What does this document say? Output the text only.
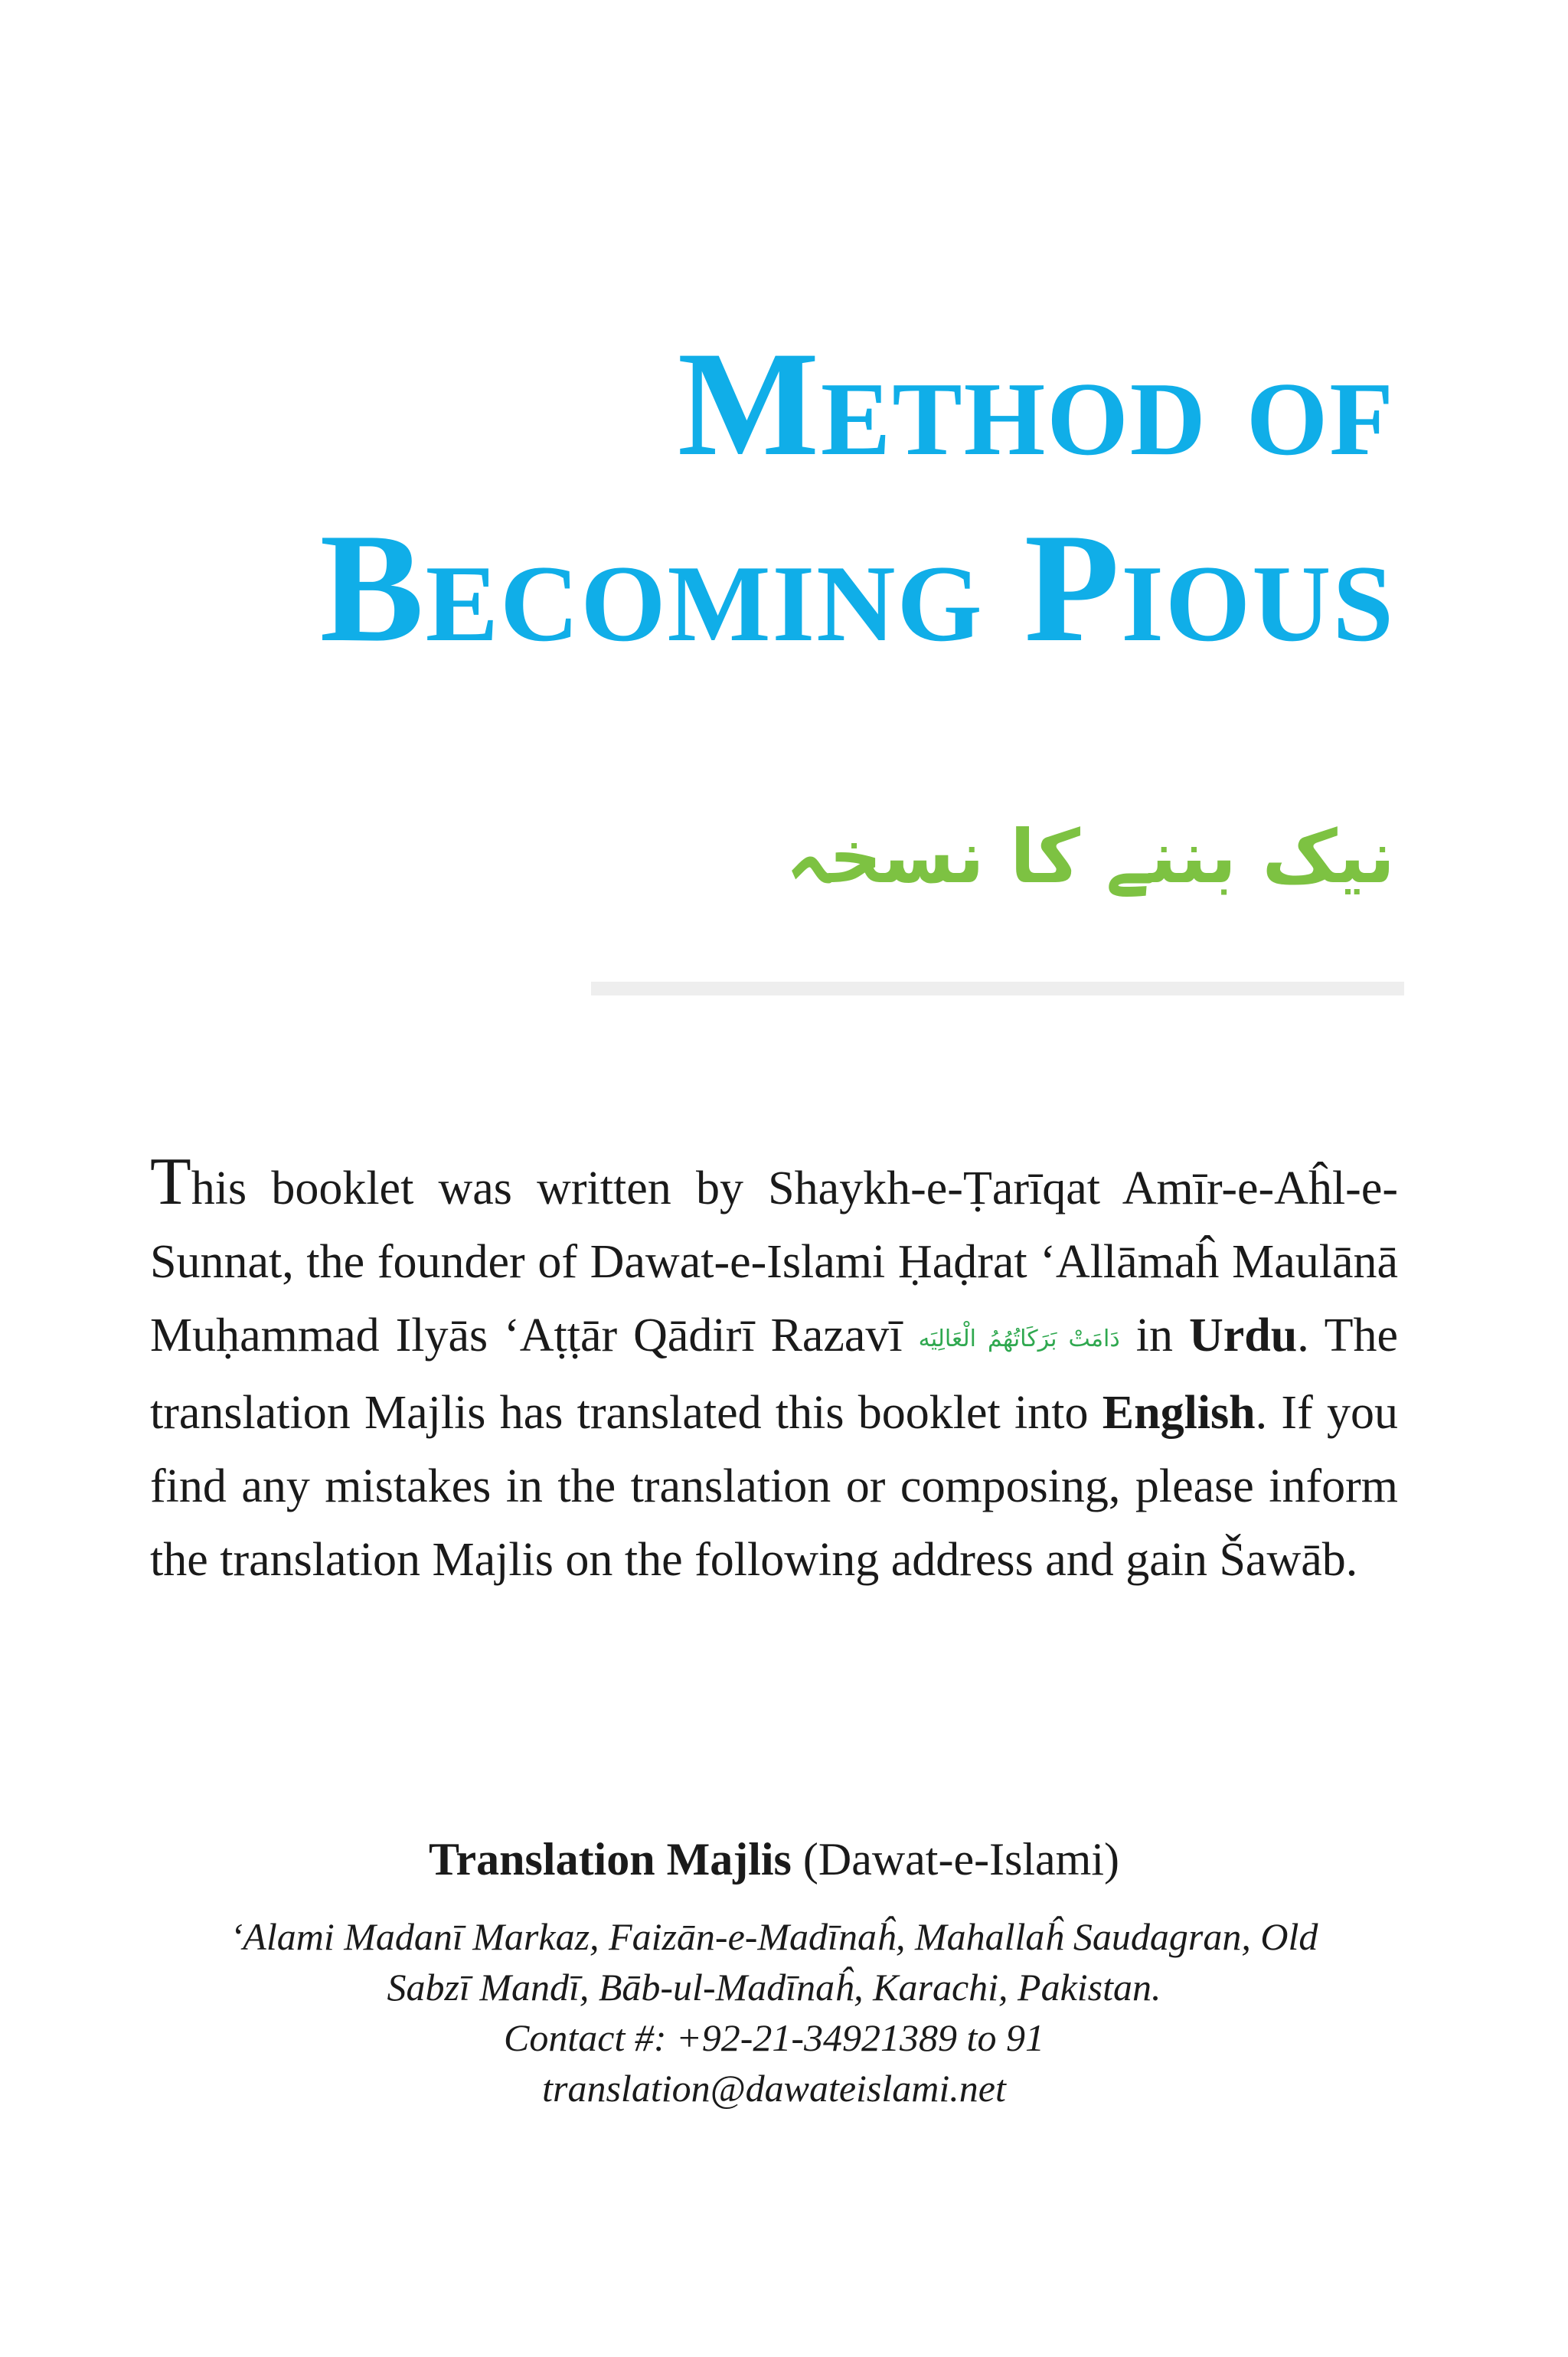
Method of
Becoming Pious
نیک بننے کا نسخہ

This booklet was written by Shaykh-e-Ṭarīqat Amīr-e-Aĥl-e-Sunnat, the founder of Dawat-e-Islami Ḥaḍrat ‘Allāmaĥ Maulānā Muḥammad Ilyās ‘Aṭṭār Qādirī Razavī دَامَتْ بَرَكَاتُهُمُ الْعَالِيَه in Urdu. The translation Majlis has translated this booklet into English. If you find any mistakes in the translation or composing, please inform the translation Majlis on the following address and gain Šawāb.

Translation Majlis (Dawat-e-Islami)
‘Alami Madanī Markaz, Faizān-e-Madīnaĥ, Mahallaĥ Saudagran, Old
Sabzī Mandī, Bāb-ul-Madīnaĥ, Karachi, Pakistan.
Contact #: +92-21-34921389 to 91
translation@dawateislami.net
